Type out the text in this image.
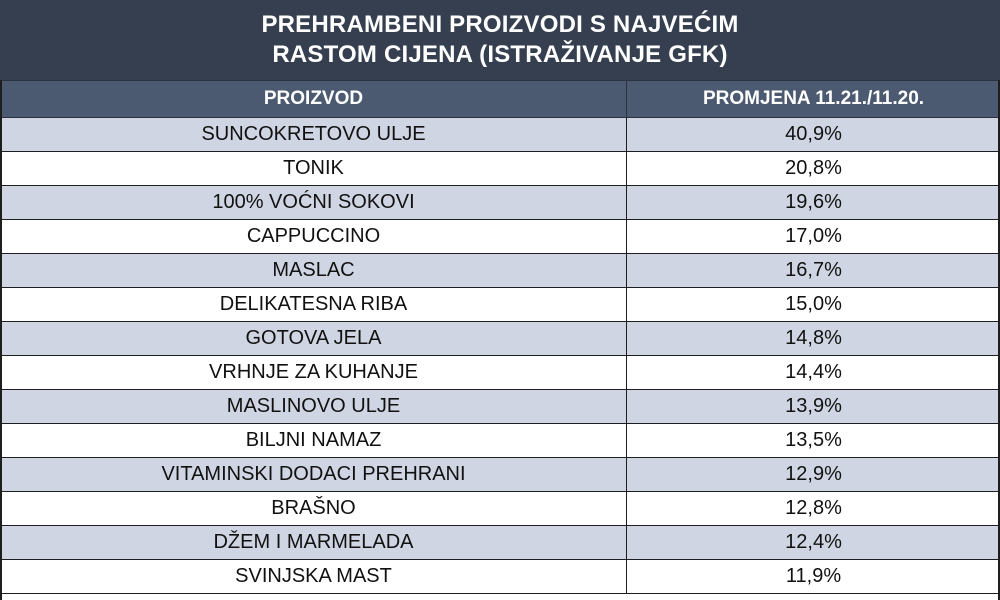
PREHRAMBENI PROIZVODI S NAJVEĆIM
RASTOM CIJENA (ISTRAŽIVANJE GFK)
PROIZVOD	PROMJENA 11.21./11.20.
SUNCOKRETOVO ULJE	40,9%
TONIK	20,8%
100% VOĆNI SOKOVI	19,6%
CAPPUCCINO	17,0%
MASLAC	16,7%
DELIKATESNA RIBA	15,0%
GOTOVA JELA	14,8%
VRHNJE ZA KUHANJE	14,4%
MASLINOVO ULJE	13,9%
BILJNI NAMAZ	13,5%
VITAMINSKI DODACI PREHRANI	12,9%
BRAŠNO	12,8%
DŽEM I MARMELADA	12,4%
SVINJSKA MAST	11,9%
